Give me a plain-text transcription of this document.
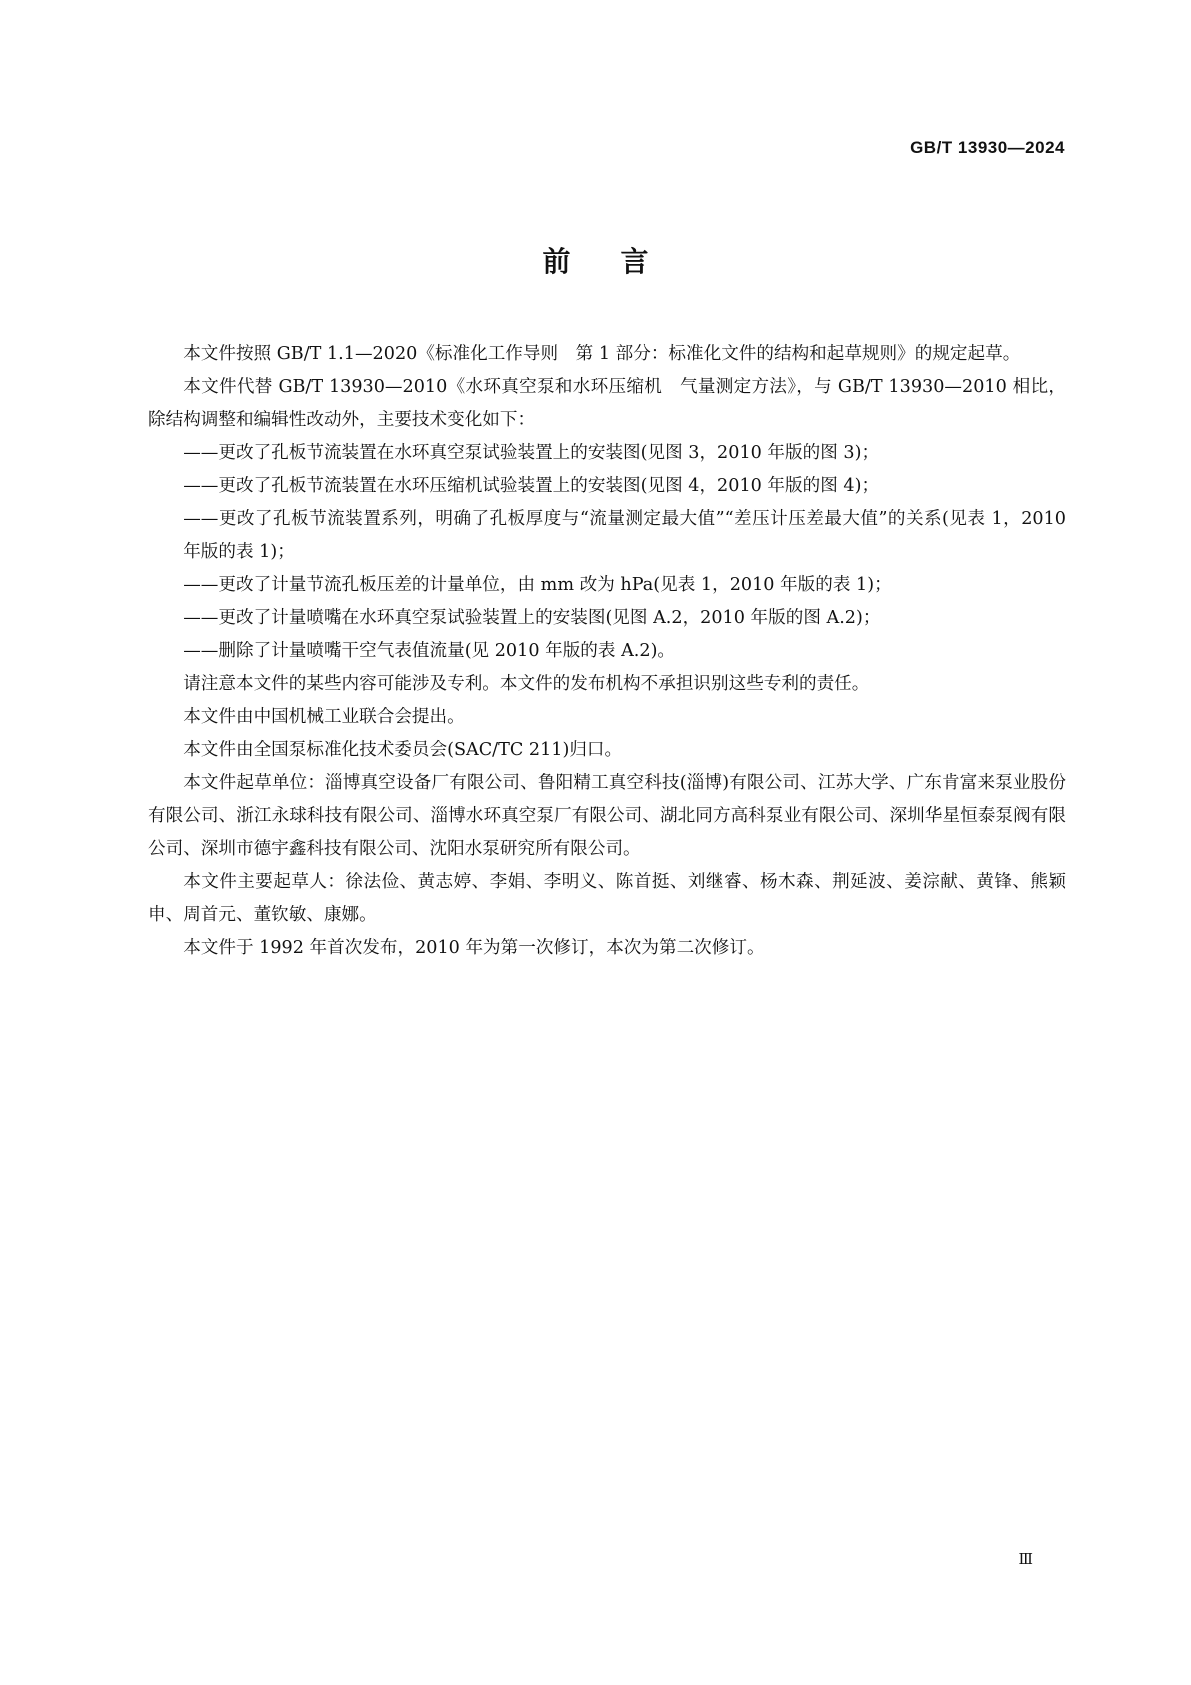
GB/T 13930—2024
前言

本文件按照 GB/T 1.1—2020《标准化工作导则　第 1 部分：标准化文件的结构和起草规则》的规定起草。

本文件代替 GB/T 13930—2010《水环真空泵和水环压缩机　气量测定方法》，与 GB/T 13930—2010 相比，除结构调整和编辑性改动外，主要技术变化如下：

——更改了孔板节流装置在水环真空泵试验装置上的安装图(见图 3，2010 年版的图 3)；

——更改了孔板节流装置在水环压缩机试验装置上的安装图(见图 4，2010 年版的图 4)；

——更改了孔板节流装置系列，明确了孔板厚度与“流量测定最大值”“差压计压差最大值”的关系(见表 1，2010 年版的表 1)；

——更改了计量节流孔板压差的计量单位，由 mm 改为 hPa(见表 1，2010 年版的表 1)；

——更改了计量喷嘴在水环真空泵试验装置上的安装图(见图 A.2，2010 年版的图 A.2)；

——删除了计量喷嘴干空气表值流量(见 2010 年版的表 A.2)。

请注意本文件的某些内容可能涉及专利。本文件的发布机构不承担识别这些专利的责任。

本文件由中国机械工业联合会提出。

本文件由全国泵标准化技术委员会(SAC/TC 211)归口。

本文件起草单位：淄博真空设备厂有限公司、鲁阳精工真空科技(淄博)有限公司、江苏大学、广东肯富来泵业股份有限公司、浙江永球科技有限公司、淄博水环真空泵厂有限公司、湖北同方高科泵业有限公司、深圳华星恒泰泵阀有限公司、深圳市德宇鑫科技有限公司、沈阳水泵研究所有限公司。

本文件主要起草人：徐法俭、黄志婷、李娟、李明义、陈首挺、刘继睿、杨木森、荆延波、姜淙献、黄锋、熊颖申、周首元、董钦敏、康娜。

本文件于 1992 年首次发布，2010 年为第一次修订，本次为第二次修订。

Ⅲ
